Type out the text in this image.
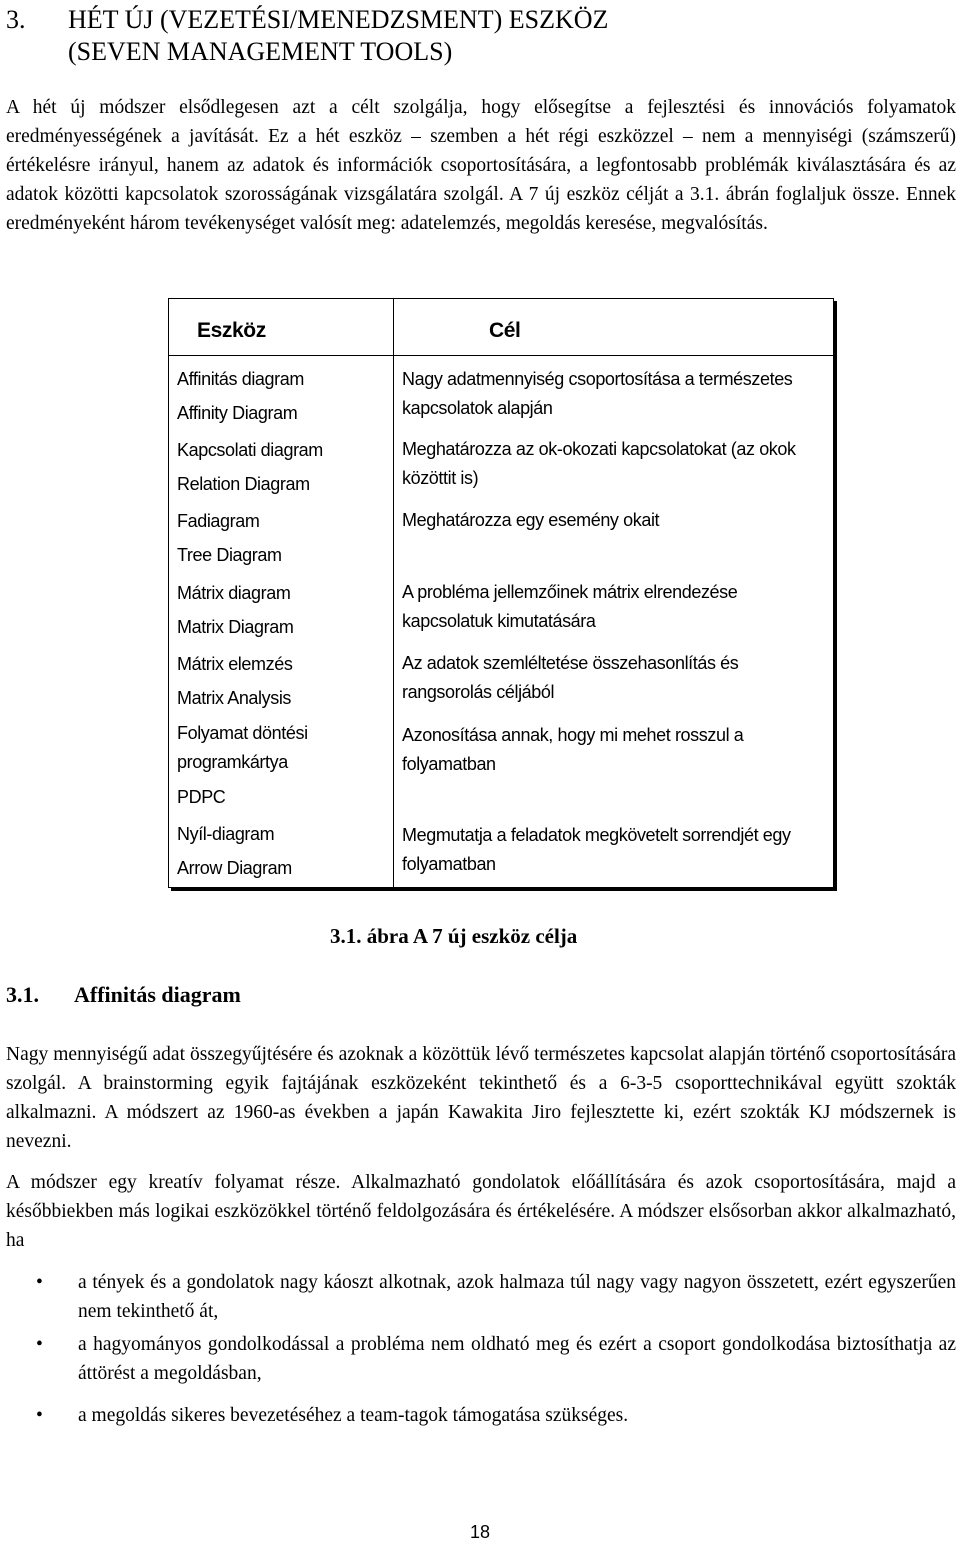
3. HÉT ÚJ (VEZETÉSI/MENEDZSMENT) ESZKÖZ
(SEVEN MANAGEMENT TOOLS)
A hét új módszer elsődlegesen azt a célt szolgálja, hogy elősegítse a fejlesztési és innovációs folyamatok eredményességének a javítását. Ez a hét eszköz – szemben a hét régi eszközzel – nem a mennyiségi (számszerű) értékelésre irányul, hanem az adatok és információk csoportosítására, a legfontosabb problémák kiválasztására és az adatok közötti kapcsolatok szorosságának vizsgálatára szolgál. A 7 új eszköz célját a 3.1. ábrán foglaljuk össze. Ennek eredményeként három tevékenységet valósít meg: adatelemzés, megoldás keresése, megvalósítás.
Eszköz	Cél
Affinitás diagram
Affinity Diagram
Nagy adatmennyiség csoportosítása a természetes
kapcsolatok alapján
Kapcsolati diagram
Relation Diagram
Meghatározza az ok-okozati kapcsolatokat (az okok
közöttit is)
Fadiagram
Tree Diagram
Meghatározza egy esemény okait
Mátrix diagram
Matrix Diagram
A probléma jellemzőinek mátrix elrendezése
kapcsolatuk kimutatására
Mátrix elemzés
Matrix Analysis
Az adatok szemléltetése összehasonlítás és
rangsorolás céljából
Folyamat döntési
programkártya
PDPC
Azonosítása annak, hogy mi mehet rosszul a
folyamatban
Nyíl-diagram
Arrow Diagram
Megmutatja a feladatok megkövetelt sorrendjét egy
folyamatban
3.1. ábra A 7 új eszköz célja
3.1. Affinitás diagram
Nagy mennyiségű adat összegyűjtésére és azoknak a közöttük lévő természetes kapcsolat alapján történő csoportosítására szolgál. A brainstorming egyik fajtájának eszközeként tekinthető és a 6-3-5 csoporttechnikával együtt szokták alkalmazni. A módszert az 1960-as években a japán Kawakita Jiro fejlesztette ki, ezért szokták KJ módszernek is nevezni.
A módszer egy kreatív folyamat része. Alkalmazható gondolatok előállítására és azok csoportosítására, majd a későbbiekben más logikai eszközökkel történő feldolgozására és értékelésére. A módszer elsősorban akkor alkalmazható, ha
• a tények és a gondolatok nagy káoszt alkotnak, azok halmaza túl nagy vagy nagyon összetett, ezért egyszerűen nem tekinthető át,
• a hagyományos gondolkodással a probléma nem oldható meg és ezért a csoport gondolkodása biztosíthatja az áttörést a megoldásban,
• a megoldás sikeres bevezetéséhez a team-tagok támogatása szükséges.
18
